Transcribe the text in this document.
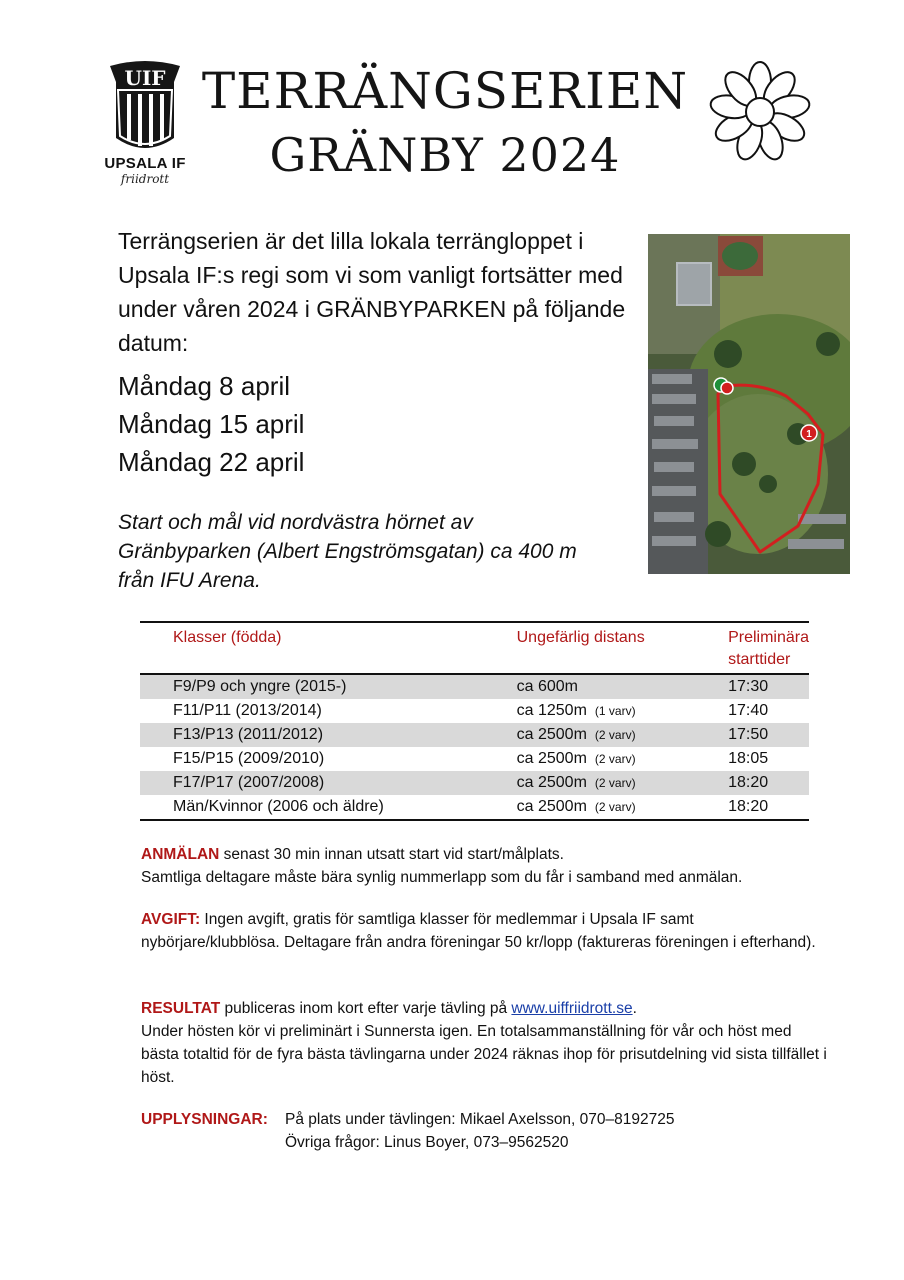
UIF
UPSALA IF
friidrott
TERRÄNGSERIEN
GRÄNBY 2024
Terrängserien är det lilla lokala terrängloppet i Upsala IF:s regi som vi som vanligt fortsätter med under våren 2024 i GRÄNBYPARKEN på följande datum:
Måndag 8 april
Måndag 15 april
Måndag 22 april
Start och mål vid nordvästra hörnet av Gränbyparken (Albert Engströmsgatan) ca 400 m från IFU Arena.
1
Klasser (födda)	Ungefärlig distans	Preliminära
starttider
F9/P9 och yngre (2015-)	ca 600m	17:30
F11/P11 (2013/2014)	ca 1250m (1 varv)	17:40
F13/P13 (2011/2012)	ca 2500m (2 varv)	17:50
F15/P15 (2009/2010)	ca 2500m (2 varv)	18:05
F17/P17 (2007/2008)	ca 2500m (2 varv)	18:20
Män/Kvinnor (2006 och äldre)	ca 2500m (2 varv)	18:20
ANMÄLAN senast 30 min innan utsatt start vid start/målplats.
Samtliga deltagare måste bära synlig nummerlapp som du får i samband med anmälan.
AVGIFT: Ingen avgift, gratis för samtliga klasser för medlemmar i Upsala IF samt nybörjare/klubblösa. Deltagare från andra föreningar 50 kr/lopp (faktureras föreningen i efterhand).
RESULTAT publiceras inom kort efter varje tävling på www.uiffriidrott.se.
Under hösten kör vi preliminärt i Sunnersta igen. En totalsammanställning för vår och höst med bästa totaltid för de fyra bästa tävlingarna under 2024 räknas ihop för prisutdelning vid sista tillfället i höst.
UPPLYSNINGAR: På plats under tävlingen: Mikael Axelsson, 070–8192725
Övriga frågor: Linus Boyer, 073–9562520
